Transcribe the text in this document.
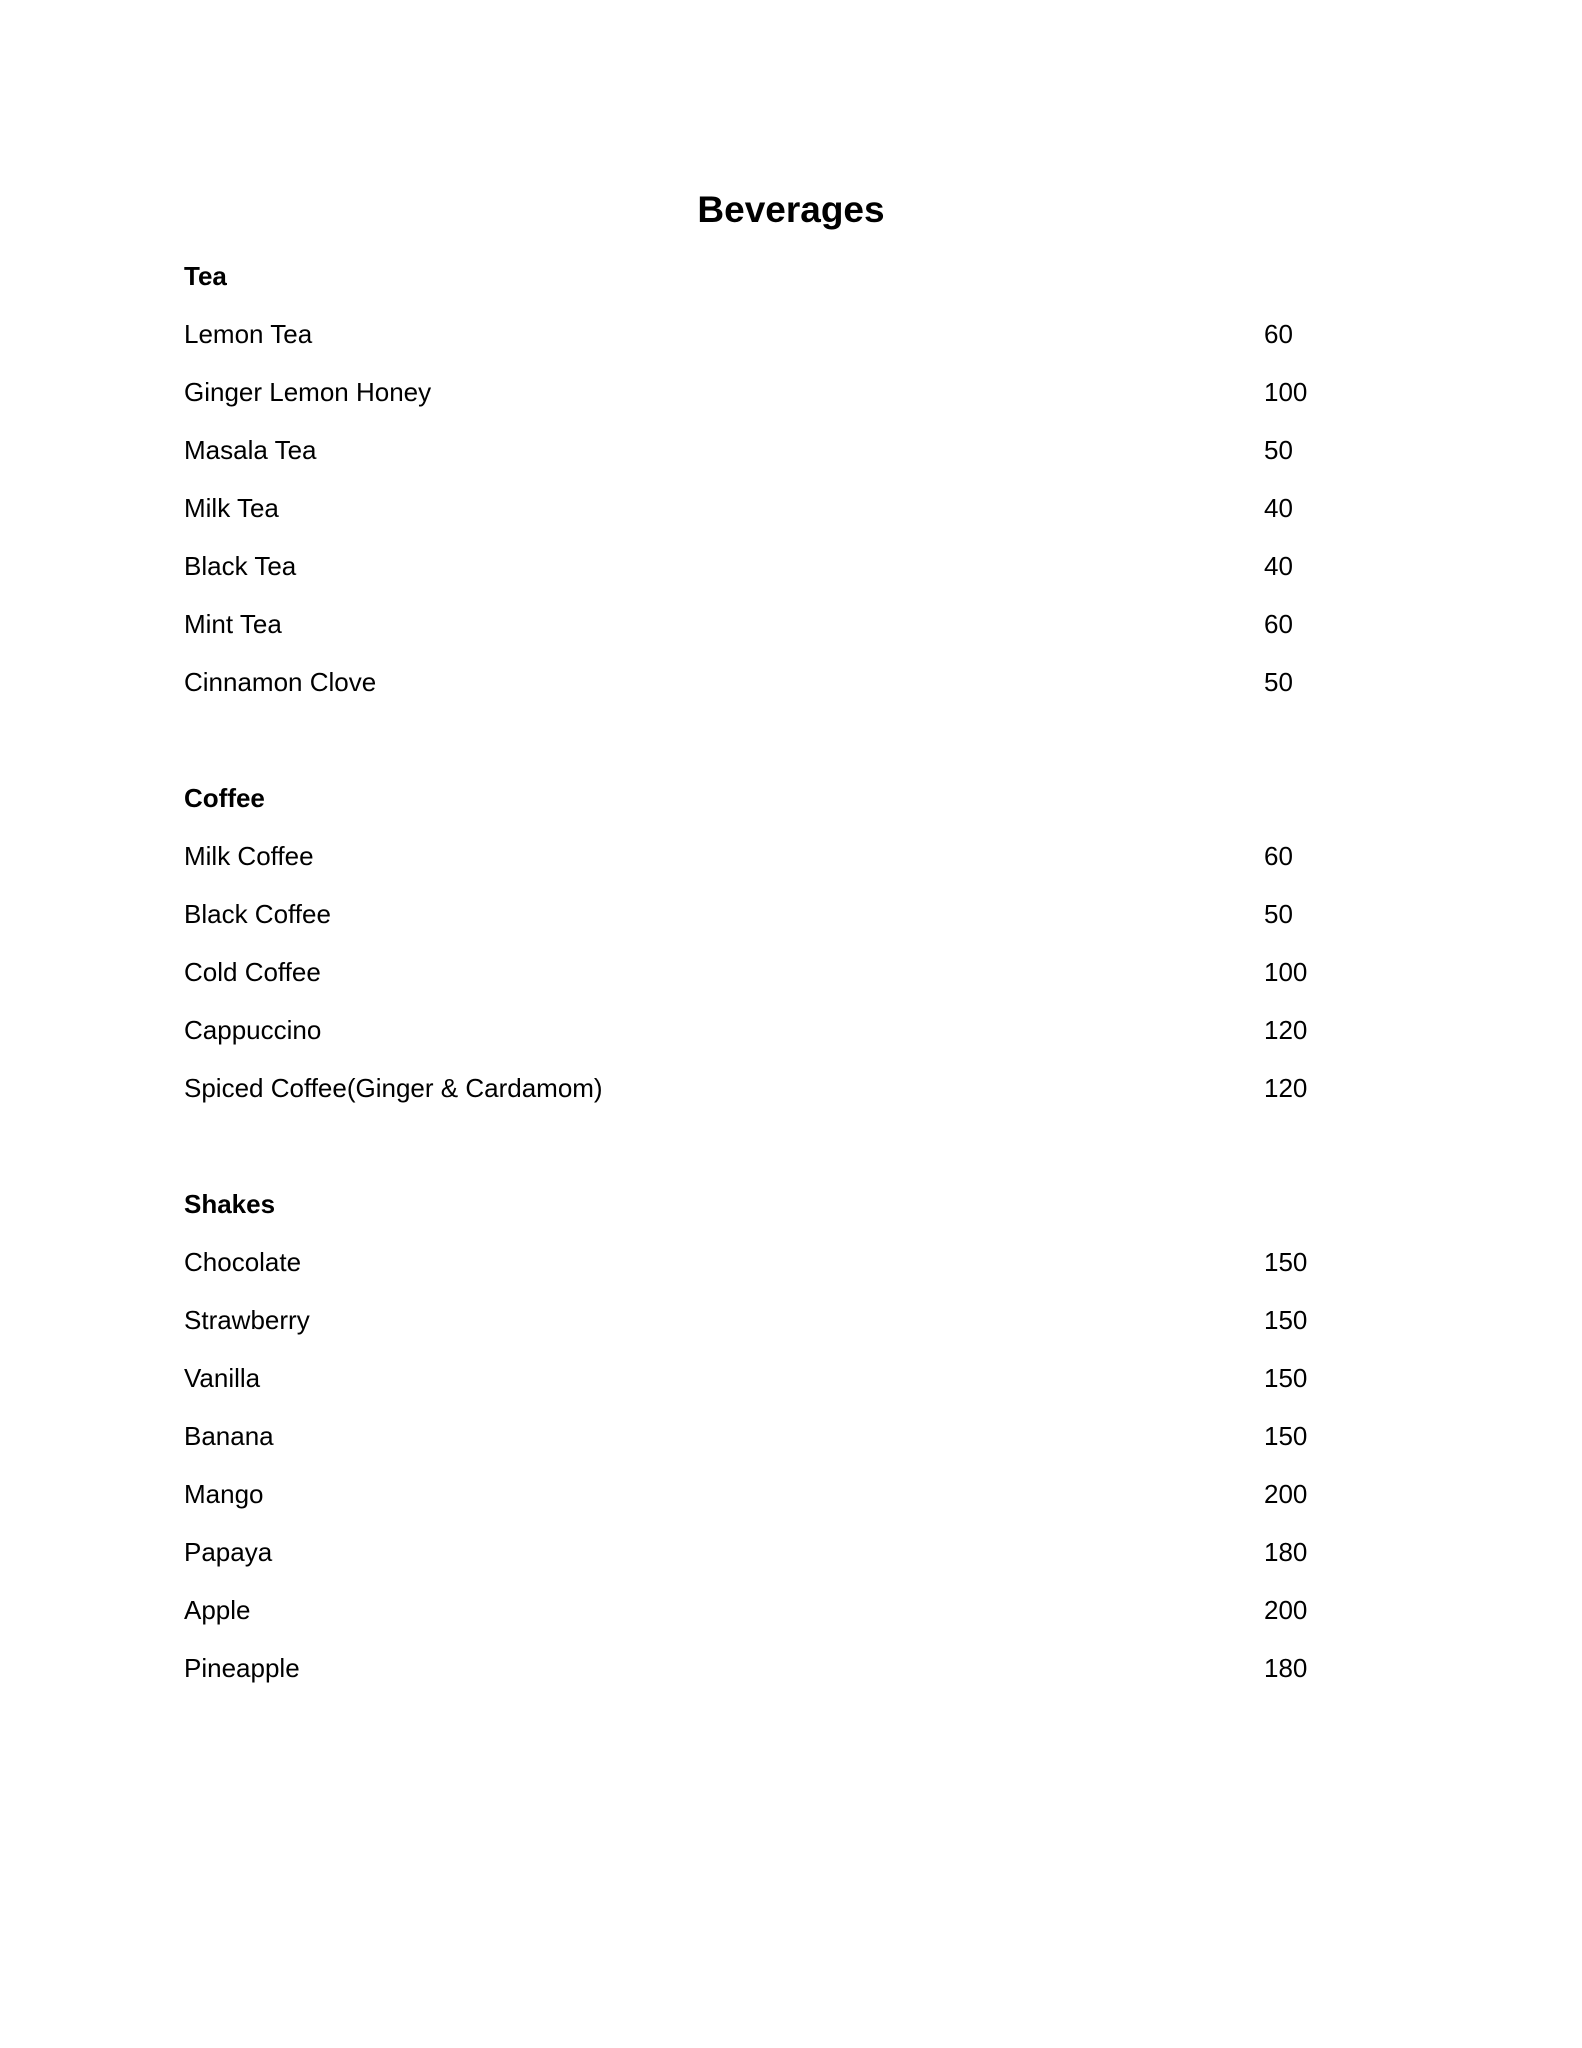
Beverages
Tea
Lemon Tea	60
Ginger Lemon Honey	100
Masala Tea	50
Milk Tea	40
Black Tea	40
Mint Tea	60
Cinnamon Clove	50
Coffee
Milk Coffee	60
Black Coffee	50
Cold Coffee	100
Cappuccino	120
Spiced Coffee(Ginger & Cardamom)	120
Shakes
Chocolate	150
Strawberry	150
Vanilla	150
Banana	150
Mango	200
Papaya	180
Apple	200
Pineapple	180
